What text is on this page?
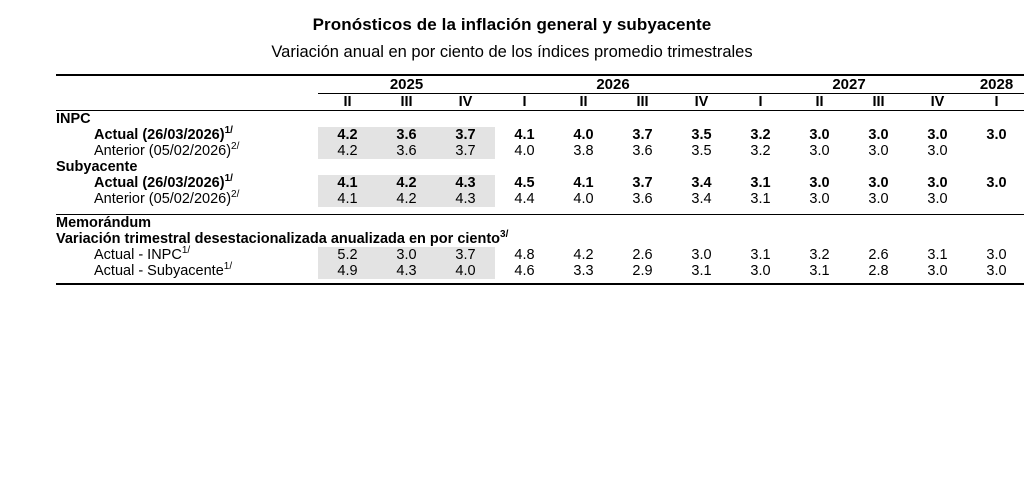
Pronósticos de la inflación general y subyacente
Variación anual en por ciento de los índices promedio trimestrales

	2025			2026				2027				2028
	II	III	IV	I	II	III	IV	I	II	III	IV	I

INPC												
Actual $(26/03/2026)^{1/}$	4.2	3.6	3.7	4.1	4.0	3.7	3.5	3.2	3.0	3.0	3.0	3.0
Anterior $(05/02/2026)^{2/}$	4.2	3.6	3.7	4.0	3.8	3.6	3.5	3.2	3.0	3.0	3.0	
Subyacente												
Actual $(26/03/2026)^{1/}$	4.1	4.2	4.3	4.5	4.1	3.7	3.4	3.1	3.0	3.0	3.0	3.0
Anterior $(05/02/2026)^{2/}$	4.1	4.2	4.3	4.4	4.0	3.6	3.4	3.1	3.0	3.0	3.0	

Memorándum												
Variación trimestral desestacionalizada anualizada en por ciento$^{3/}$
Actual - $INPC^{1/}$	5.2	3.0	3.7	4.8	4.2	2.6	3.0	3.1	3.2	2.6	3.1	3.0
Actual - Subyacente$^{1/}$	4.9	4.3	4.0	4.6	3.3	2.9	3.1	3.0	3.1	2.8	3.0	3.0
